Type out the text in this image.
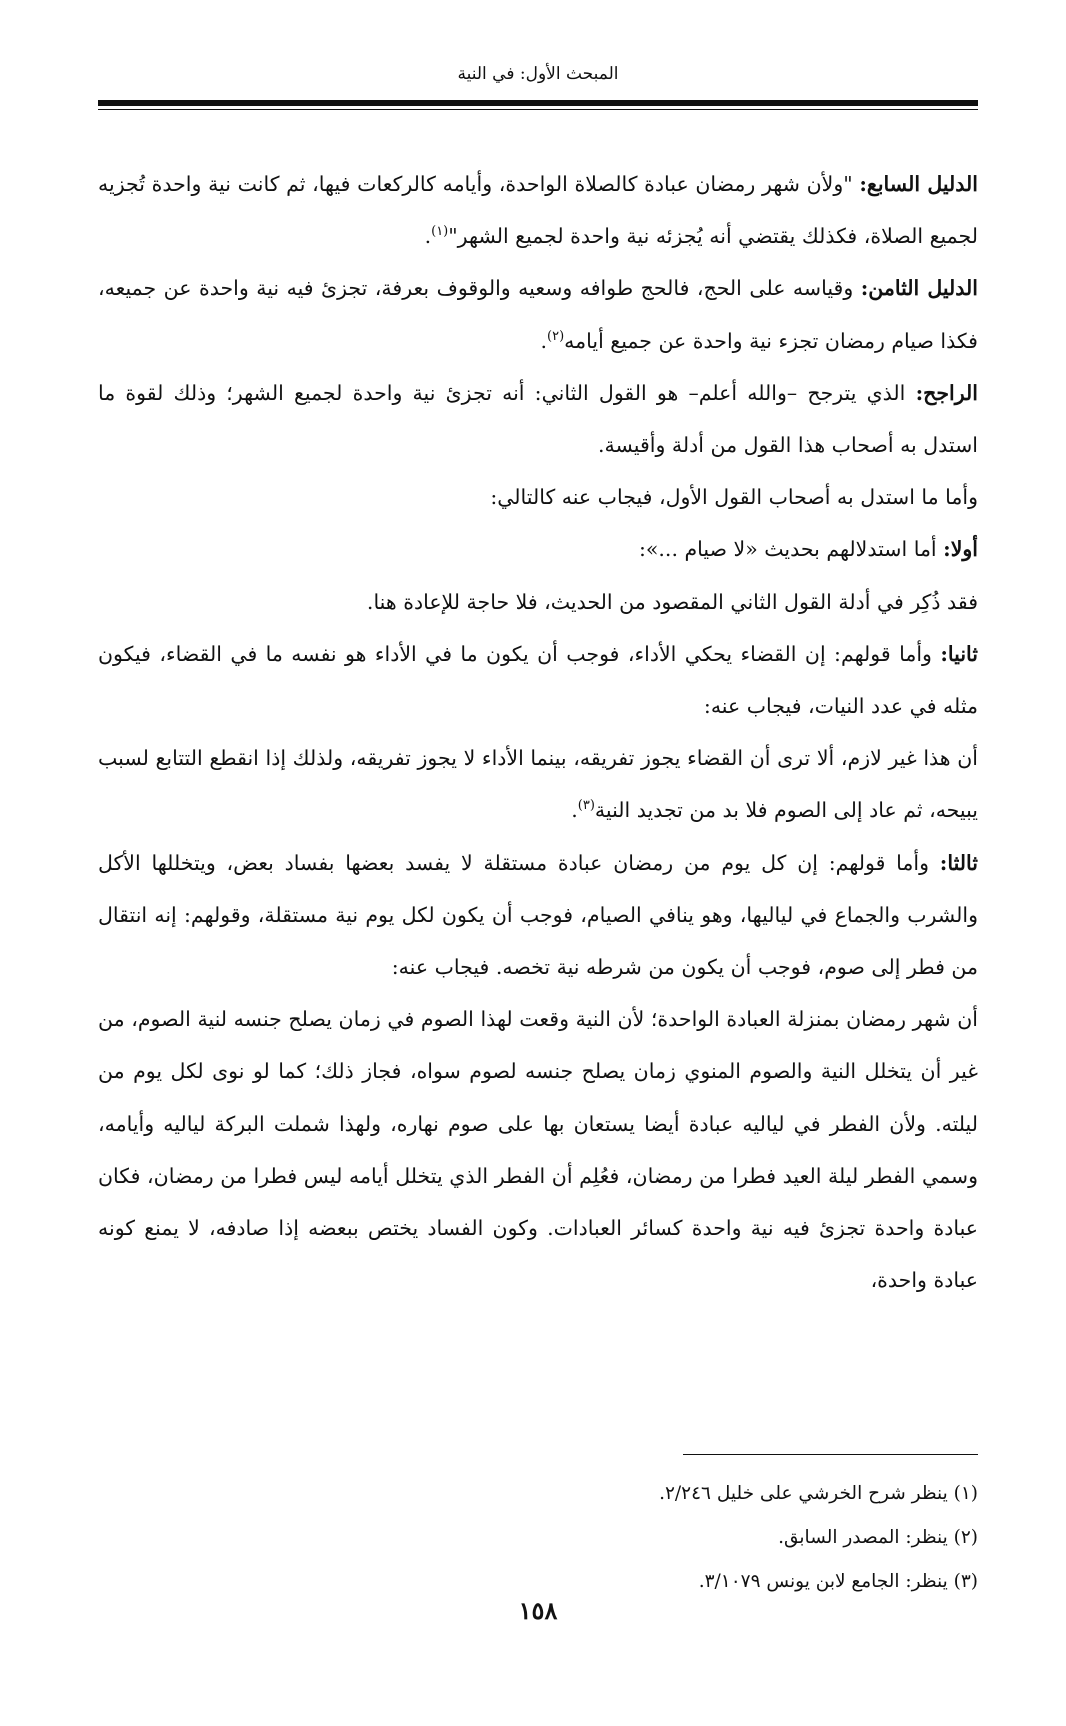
المبحث الأول: في النية

الدليل السابع: "ولأن شهر رمضان عبادة كالصلاة الواحدة، وأيامه كالركعات فيها، ثم كانت نية واحدة تُجزيه لجميع الصلاة، فكذلك يقتضي أنه يُجزئه نية واحدة لجميع الشهر"$^{(١)}$.

الدليل الثامن: وقياسه على الحج، فالحج طوافه وسعيه والوقوف بعرفة، تجزئ فيه نية واحدة عن جميعه، فكذا صيام رمضان تجزء نية واحدة عن جميع أيامه$^{(٢)}$.

الراجح: الذي يترجح –والله أعلم– هو القول الثاني: أنه تجزئ نية واحدة لجميع الشهر؛ وذلك لقوة ما استدل به أصحاب هذا القول من أدلة وأقيسة.

وأما ما استدل به أصحاب القول الأول، فيجاب عنه كالتالي:

أولا: أما استدلالهم بحديث «لا صيام ...»:

فقد ذُكِر في أدلة القول الثاني المقصود من الحديث، فلا حاجة للإعادة هنا.

ثانيا: وأما قولهم: إن القضاء يحكي الأداء، فوجب أن يكون ما في الأداء هو نفسه ما في القضاء، فيكون مثله في عدد النيات، فيجاب عنه:

أن هذا غير لازم، ألا ترى أن القضاء يجوز تفريقه، بينما الأداء لا يجوز تفريقه، ولذلك إذا انقطع التتابع لسبب يبيحه، ثم عاد إلى الصوم فلا بد من تجديد النية$^{(٣)}$.

ثالثا: وأما قولهم: إن كل يوم من رمضان عبادة مستقلة لا يفسد بعضها بفساد بعض، ويتخللها الأكل والشرب والجماع في لياليها، وهو ينافي الصيام، فوجب أن يكون لكل يوم نية مستقلة، وقولهم: إنه انتقال من فطر إلى صوم، فوجب أن يكون من شرطه نية تخصه. فيجاب عنه:

أن شهر رمضان بمنزلة العبادة الواحدة؛ لأن النية وقعت لهذا الصوم في زمان يصلح جنسه لنية الصوم، من غير أن يتخلل النية والصوم المنوي زمان يصلح جنسه لصوم سواه، فجاز ذلك؛ كما لو نوى لكل يوم من ليلته. ولأن الفطر في لياليه عبادة أيضا يستعان بها على صوم نهاره، ولهذا شملت البركة لياليه وأيامه، وسمي الفطر ليلة العيد فطرا من رمضان، فعُلِم أن الفطر الذي يتخلل أيامه ليس فطرا من رمضان، فكان عبادة واحدة تجزئ فيه نية واحدة كسائر العبادات. وكون الفساد يختص ببعضه إذا صادفه، لا يمنع كونه عبادة واحدة،

(١) ينظر شرح الخرشي على خليل ٢/٢٤٦.

(٢) ينظر: المصدر السابق.

(٣) ينظر: الجامع لابن يونس ٣/١٠٧٩.

١٥٨
